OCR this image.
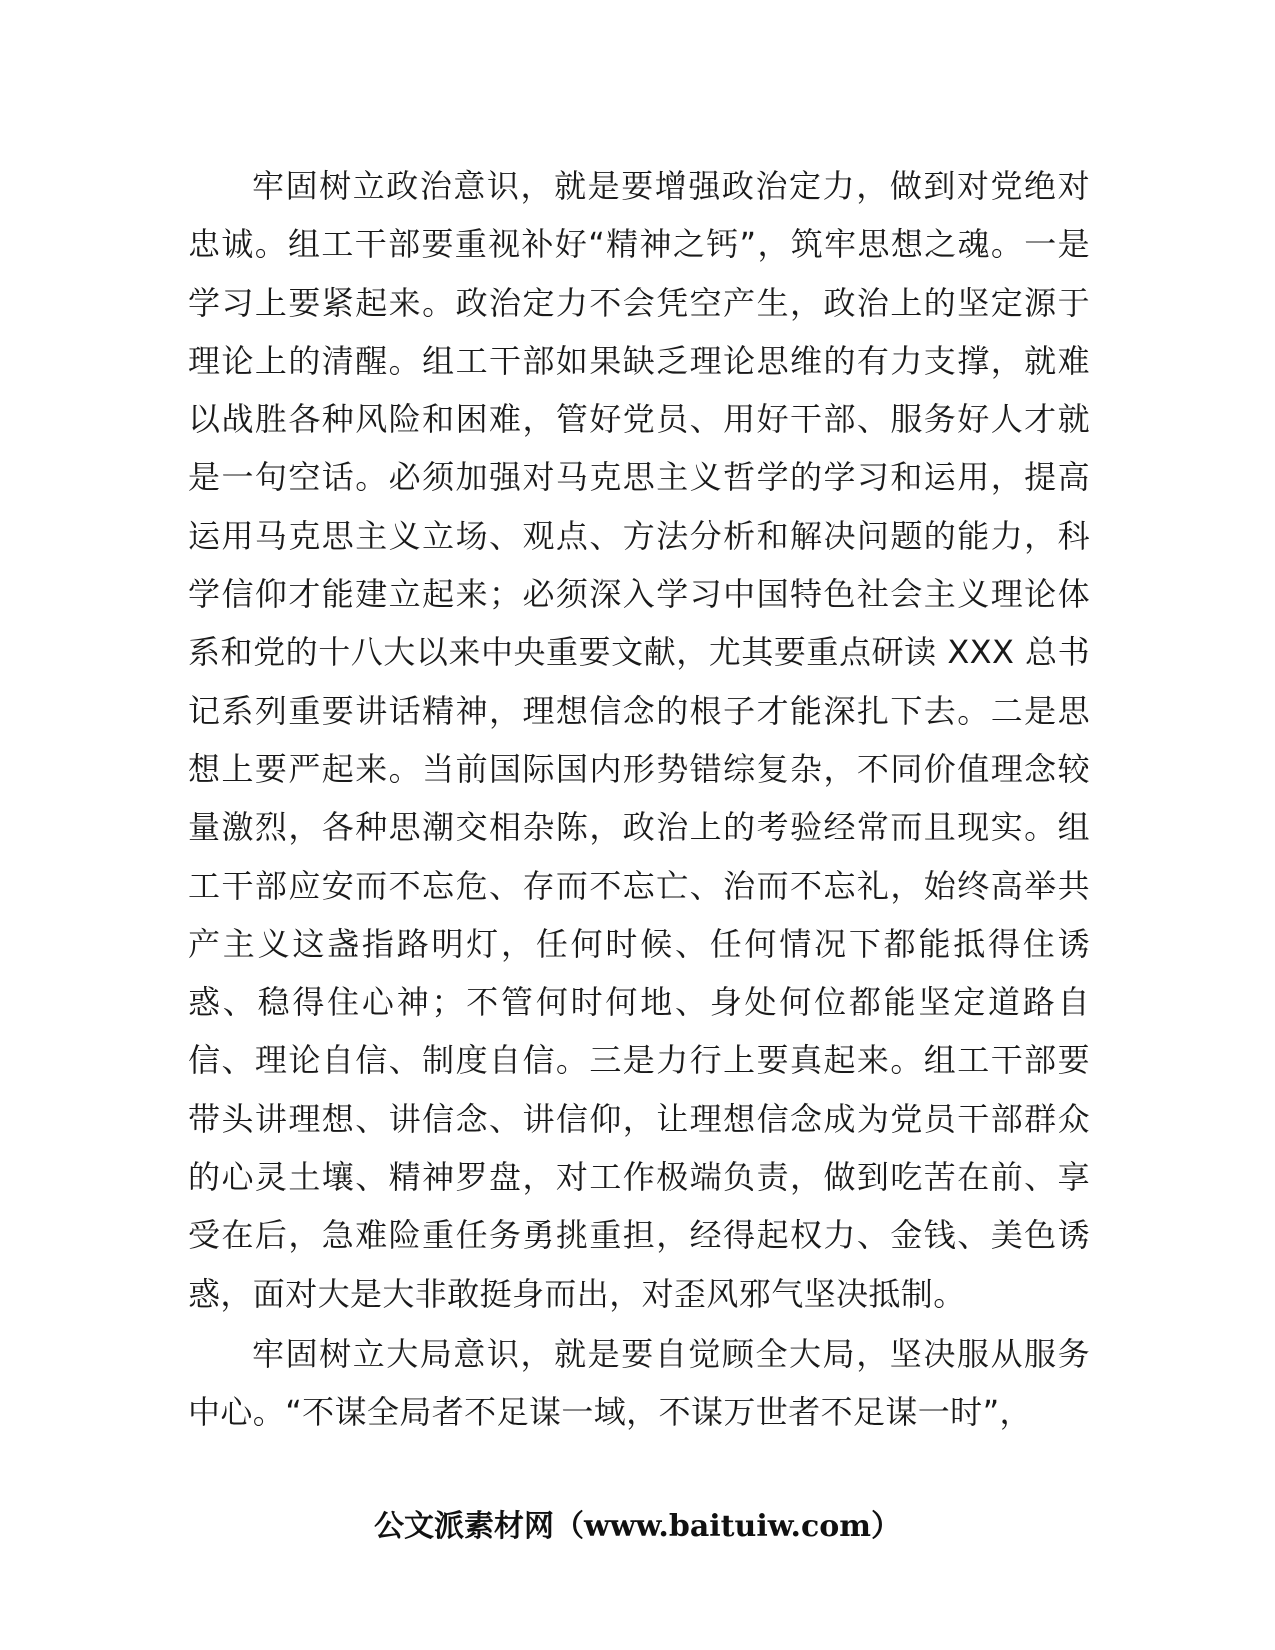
牢固树立政治意识，就是要增强政治定力，做到对党绝对忠诚。组工干部要重视补好“精神之钙”，筑牢思想之魂。一是学习上要紧起来。政治定力不会凭空产生，政治上的坚定源于理论上的清醒。组工干部如果缺乏理论思维的有力支撑，就难以战胜各种风险和困难，管好党员、用好干部、服务好人才就是一句空话。必须加强对马克思主义哲学的学习和运用，提高运用马克思主义立场、观点、方法分析和解决问题的能力，科学信仰才能建立起来；必须深入学习中国特色社会主义理论体系和党的十八大以来中央重要文献，尤其要重点研读 XXX 总书记系列重要讲话精神，理想信念的根子才能深扎下去。二是思想上要严起来。当前国际国内形势错综复杂，不同价值理念较量激烈，各种思潮交相杂陈，政治上的考验经常而且现实。组工干部应安而不忘危、存而不忘亡、治而不忘礼，始终高举共产主义这盏指路明灯，任何时候、任何情况下都能抵得住诱惑、稳得住心神；不管何时何地、身处何位都能坚定道路自信、理论自信、制度自信。三是力行上要真起来。组工干部要带头讲理想、讲信念、讲信仰，让理想信念成为党员干部群众的心灵土壤、精神罗盘，对工作极端负责，做到吃苦在前、享受在后，急难险重任务勇挑重担，经得起权力、金钱、美色诱惑，面对大是大非敢挺身而出，对歪风邪气坚决抵制。

牢固树立大局意识，就是要自觉顾全大局，坚决服从服务中心。“不谋全局者不足谋一域，不谋万世者不足谋一时”，

公文派素材网（www.baituiw.com）
